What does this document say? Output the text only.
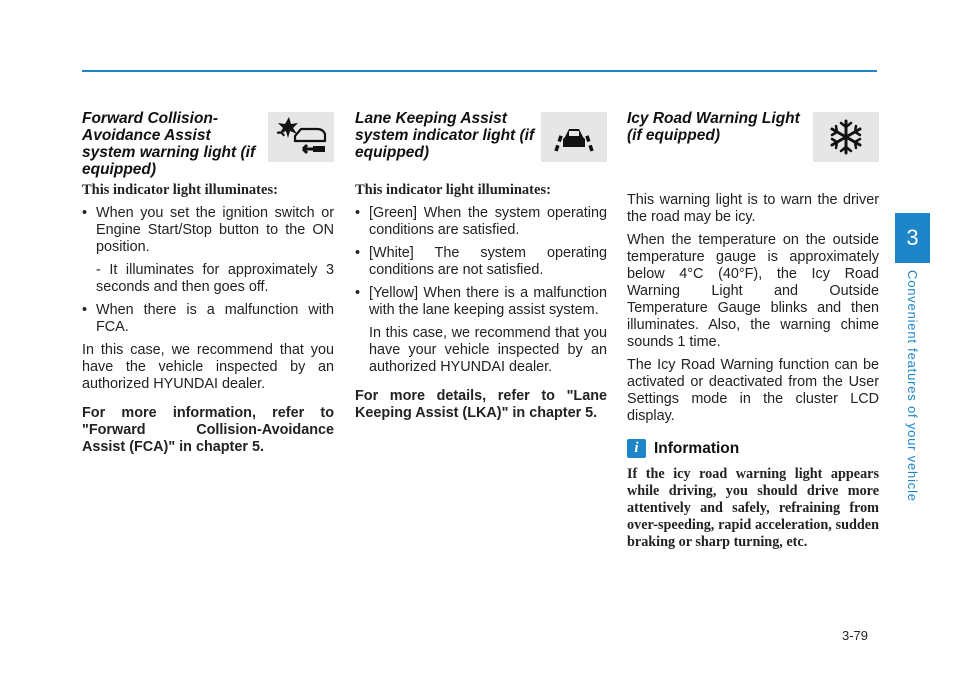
Forward Collision-Avoidance Assist system warning light (if equipped)
This indicator light illuminates:
• When you set the ignition switch or Engine Start/Stop button to the ON position.
- It illuminates for approximately 3 seconds and then goes off.
• When there is a malfunction with FCA.

In this case, we recommend that you have the vehicle inspected by an authorized HYUNDAI dealer.

For more information, refer to "Forward Collision-Avoidance Assist (FCA)" in chapter 5.

Lane Keeping Assist system indicator light (if equipped)
This indicator light illuminates:
• [Green] When the system operating conditions are satisfied.
• [White] The system operating conditions are not satisfied.
• [Yellow] When there is a malfunction with the lane keeping assist system.

In this case, we recommend that you have your vehicle inspected by an authorized HYUNDAI dealer.

For more details, refer to "Lane Keeping Assist (LKA)" in chapter 5.

Icy Road Warning Light (if equipped)

This warning light is to warn the driver the road may be icy.

When the temperature on the outside temperature gauge is approximately below 4°C (40°F), the Icy Road Warning Light and Outside Temperature Gauge blinks and then illuminates. Also, the warning chime sounds 1 time.

The Icy Road Warning function can be activated or deactivated from the User Settings mode in the cluster LCD display.

i Information

If the icy road warning light appears while driving, you should drive more attentively and safely, refraining from over-speeding, rapid acceleration, sudden braking or sharp turning, etc.

3
Convenient features of your vehicle
3-79
